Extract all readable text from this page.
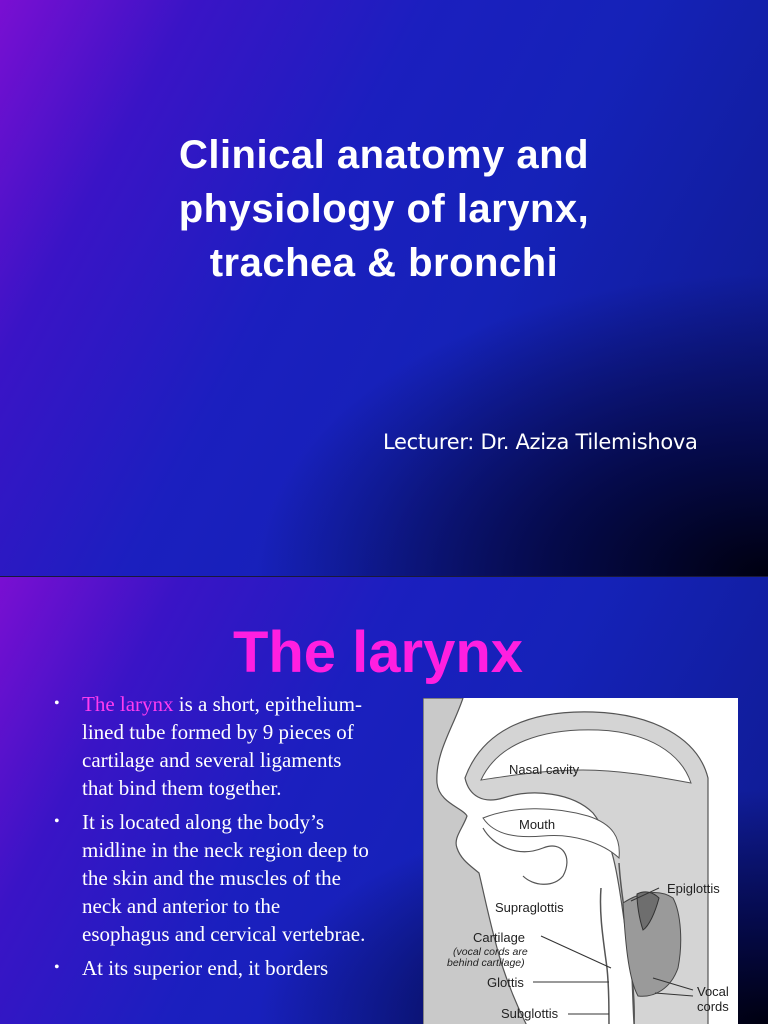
Clinical anatomy and
physiology of larynx,
trachea & bronchi

Lecturer: Dr. Aziza Tilemishova

The larynx
• The larynx is a short, epithelium-lined tube formed by 9 pieces of cartilage and several ligaments that bind them together.
• It is located along the body’s midline in the neck region deep to the skin and the muscles of the neck and anterior to the esophagus and cervical vertebrae.
• At its superior end, it borders
Nasal cavity
Mouth
Epiglottis
Supraglottis
Cartilage
(vocal cords are
behind cartilage)
Glottis
Vocal
cords
Subglottis
